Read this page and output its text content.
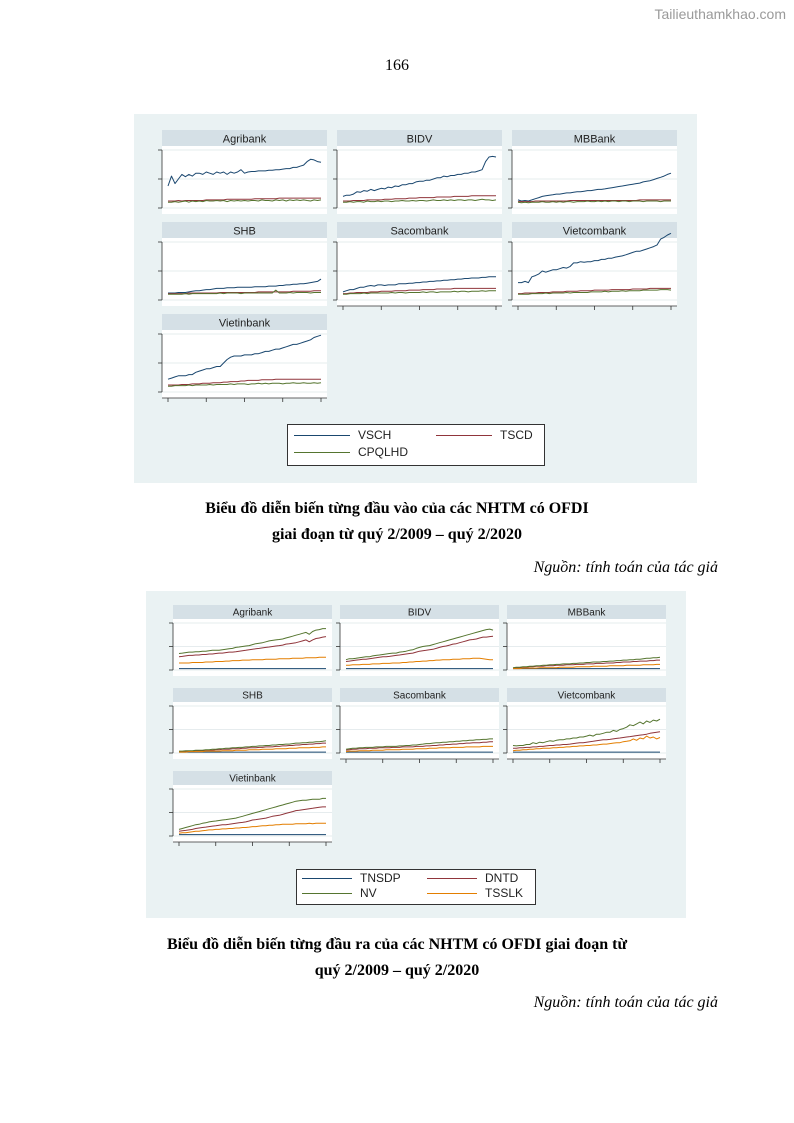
Tailieuthamkhao.com
166
Agribank	BIDV	MBBank
SHB	Sacombank	Vietcombank
Vietinbank
VSCH	TSCD
CPQLHD
Biểu đồ diễn biến từng đầu vào của các NHTM có OFDI
giai đoạn từ quý 2/2009 – quý 2/2020
Nguồn: tính toán của tác giả
Agribank	BIDV	MBBank
SHB	Sacombank	Vietcombank
Vietinbank
TNSDP	DNTD
NV	TSSLK
Biểu đồ diễn biến từng đầu ra của các NHTM có OFDI giai đoạn từ
quý 2/2009 – quý 2/2020
Nguồn: tính toán của tác giả
